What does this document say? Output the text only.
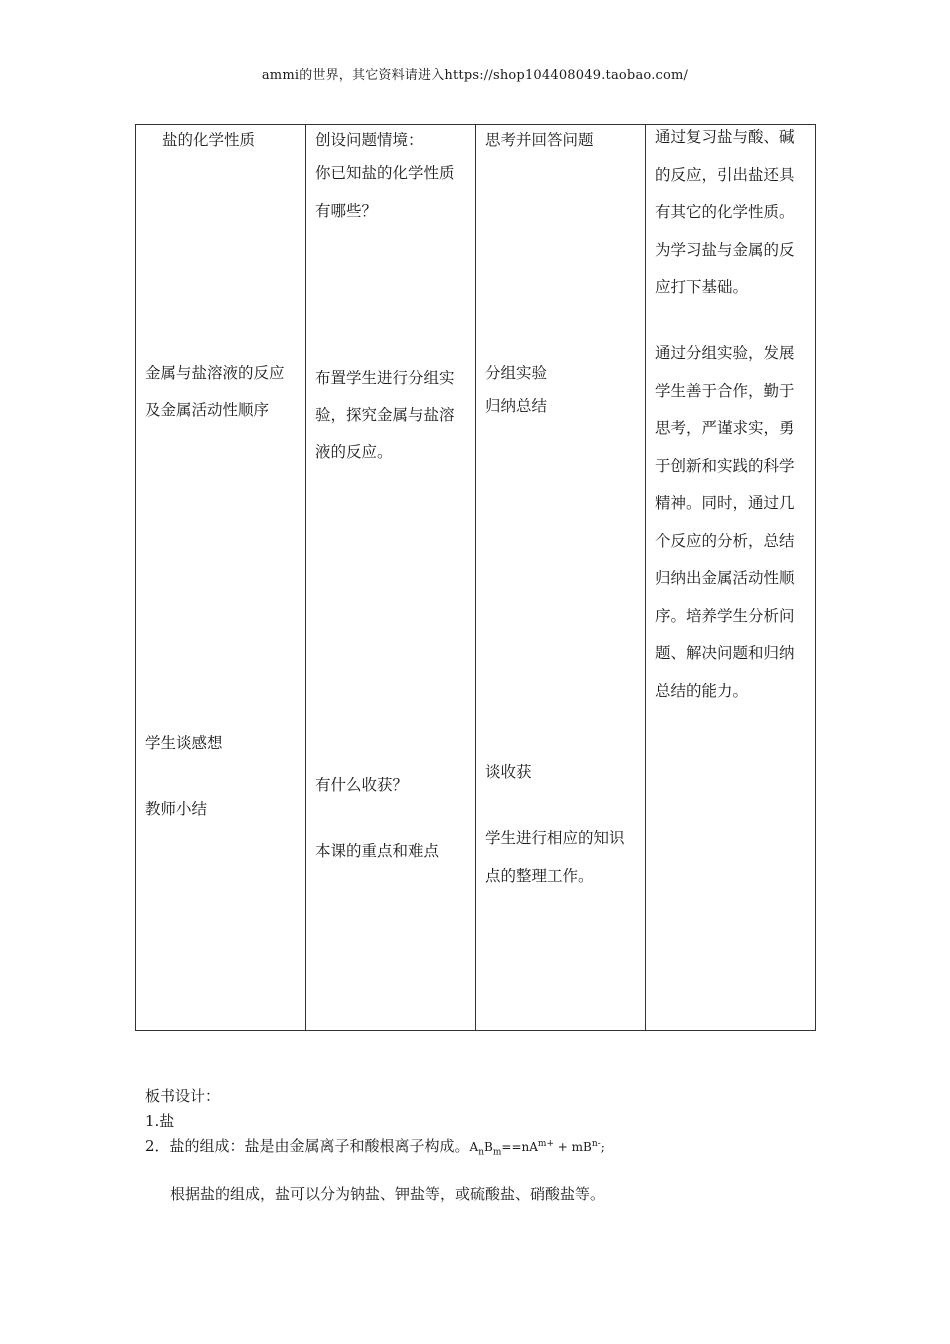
ammi的世界，其它资料请进入https://shop104408049.taobao.com/
盐的化学性质	创设问题情境：
你已知盐的化学性质
有哪些？
思考并回答问题	通过复习盐与酸、碱
的反应，引出盐还具
有其它的化学性质。
为学习盐与金属的反
应打下基础。
金属与盐溶液的反应
及金属活动性顺序
布置学生进行分组实
验，探究金属与盐溶
液的反应。
分组实验
归纳总结
通过分组实验，发展
学生善于合作，勤于
思考，严谨求实，勇
于创新和实践的科学
精神。同时，通过几
个反应的分析，总结
归纳出金属活动性顺
序。培养学生分析问
题、解决问题和归纳
总结的能力。
学生谈感想
教师小结
有什么收获？
本课的重点和难点
谈收获
学生进行相应的知识
点的整理工作。
板书设计：
1.盐
2．盐的组成：盐是由金属离子和酸根离子构成。$A_nB_m==nA^{m+} + mB^{n-}$;
根据盐的组成，盐可以分为钠盐、钾盐等，或硫酸盐、硝酸盐等。
